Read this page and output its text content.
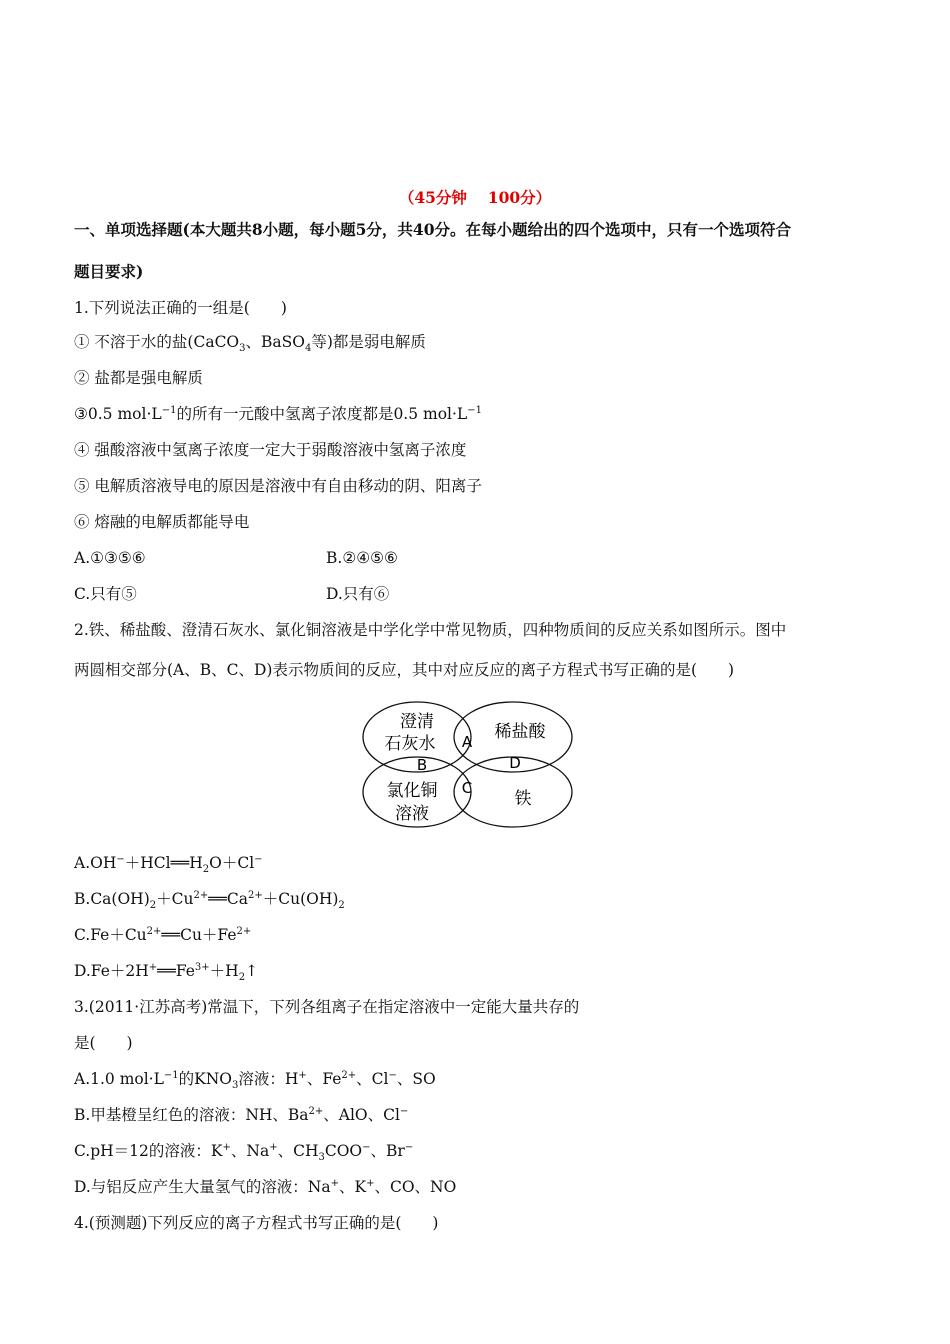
（45分钟　 100分）
一、单项选择题(本大题共8小题，每小题5分，共40分。在每小题给出的四个选项中，只有一个选项符合
题目要求)
1.下列说法正确的一组是(　　)
① 不溶于水的盐(CaCO$_3$、BaSO$_4$等)都是弱电解质
② 盐都是强电解质
③0.5 $mol\cdot L^{-1}$的所有一元酸中氢离子浓度都是0.5 $mol\cdot L^{-1}$
④ 强酸溶液中氢离子浓度一定大于弱酸溶液中氢离子浓度
⑤ 电解质溶液导电的原因是溶液中有自由移动的阴、阳离子
⑥ 熔融的电解质都能导电
A.①③⑤⑥	B.②④⑤⑥
C.只有⑤	D.只有⑥
2.铁、稀盐酸、澄清石灰水、氯化铜溶液是中学化学中常见物质，四种物质间的反应关系如图所示。图中
两圆相交部分(A、B、C、D)表示物质间的反应，其中对应反应的离子方程式书写正确的是(　　)
澄清
石灰水
稀盐酸
氯化铜
溶液
铁
A
B
C
D
$A.OH^-+HCl══H_2O+Cl^-$
$B.Ca(OH)_2+Cu^{2+}══Ca^{2+}+Cu(OH)_2$
$C.Fe+Cu^{2+}══Cu+Fe^{2+}$
$D.Fe+2H^+══Fe^{3+}+H_2↑$
3.(2011·江苏高考)常温下，下列各组离子在指定溶液中一定能大量共存的
是(　　)
A.1.0 $mol\cdot L^{-1}$的$KNO_3$溶液：H+、$Fe^{2+}$、Cl−、SO
B.甲基橙呈红色的溶液：NH、$Ba^{2+}$、AlO、Cl−
C.pH＝12的溶液：K+、Na+、$CH_3COO^-$、Br−
D.与铝反应产生大量氢气的溶液：Na+、K+、CO、NO
4.(预测题)下列反应的离子方程式书写正确的是(　　)
